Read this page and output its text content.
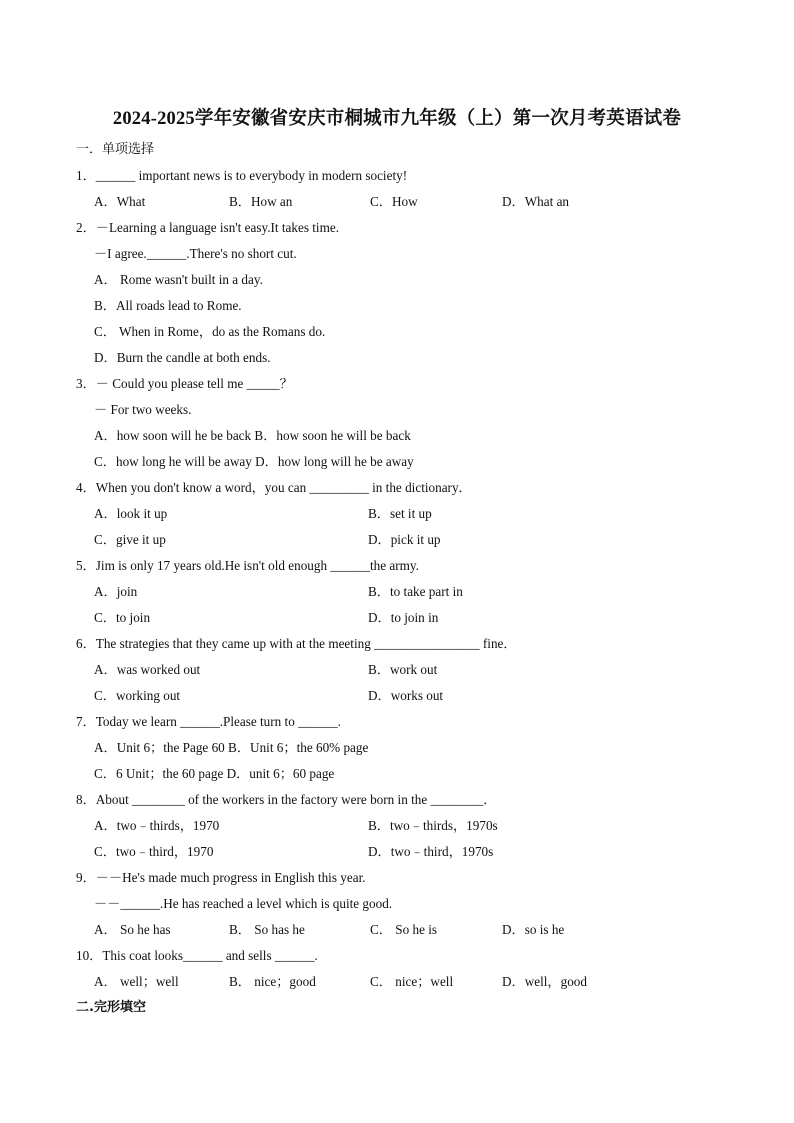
2024-2025学年安徽省安庆市桐城市九年级（上）第一次月考英语试卷
一．单项选择
1．______ important news is to everybody in modern society!
A．What	B．How an	C．How	D．What an
2．－Learning a language isn't easy.It takes time.
－I agree.______.There's no short cut.
A． Rome wasn't built in a day.
B．All roads lead to Rome.
C． When in Rome，do as the Romans do.
D．Burn the candle at both ends.
3．－ Could you please tell me _____？
－ For two weeks.
A．how soon will he be back B．how soon he will be back
C．how long he will be away D．how long will he be away
4．When you don't know a word，you can _________ in the dictionary．
A．look it up	B．set it up
C．give it up	D．pick it up
5．Jim is only 17 years old.He isn't old enough ______the army.
A．join	B．to take part in
C．to join	D．to join in
6．The strategies that they came up with at the meeting ________________ fine．
A．was worked out	B．work out
C．working out	D．works out
7．Today we learn ______.Please turn to ______.
A．Unit 6；the Page 60 B．Unit 6；the 60% page
C．6 Unit；the 60 page D．unit 6；60 page
8．About ________ of the workers in the factory were born in the ________．
A．two﹣thirds，1970	B．two﹣thirds，1970s
C．two﹣third，1970	D．two﹣third，1970s
9．－－He's made much progress in English this year.
－－______.He has reached a level which is quite good.
A． So he has	B． So has he	C． So he is	D．so is he
10．This coat looks______ and sells ______.
A． well；well	B． nice；good	C． nice；well	D．well，good
二.完形填空
